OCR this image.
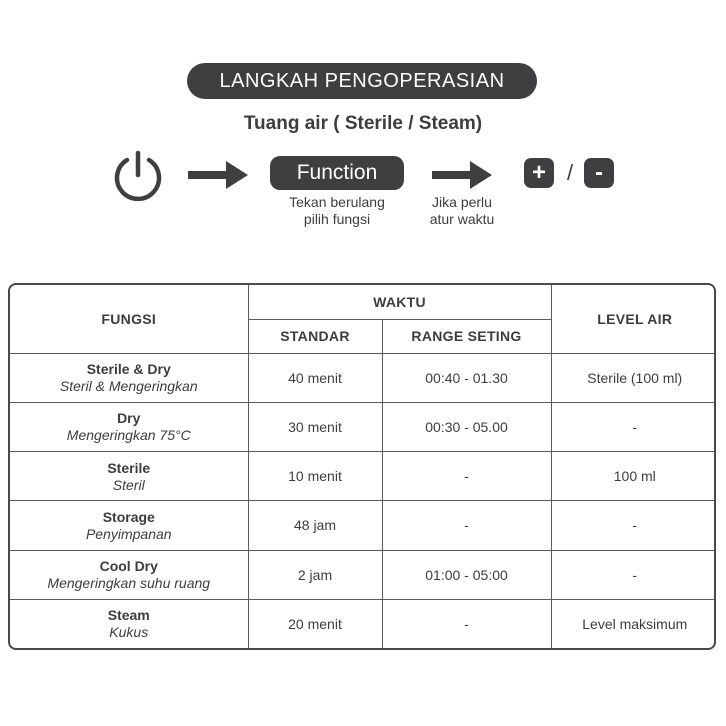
LANGKAH PENGOPERASIAN
Tuang air ( Sterile / Steam)
Function
Tekan berulang
pilih fungsi
Jika perlu
atur waktu
+ / -
FUNGSI	WAKTU		LEVEL AIR
	STANDAR	RANGE SETING	

Sterile & Dry
Steril & Mengeringkan	40 menit	00:40 - 01.30	Sterile (100 ml)

Dry
Mengeringkan 75°C	30 menit	00:30 - 05.00	-

Sterile
Steril	10 menit	-	100 ml

Storage
Penyimpanan	48 jam	-	-

Cool Dry
Mengeringkan suhu ruang	2 jam	01:00 - 05:00	-

Steam
Kukus	20 menit	-	Level maksimum
